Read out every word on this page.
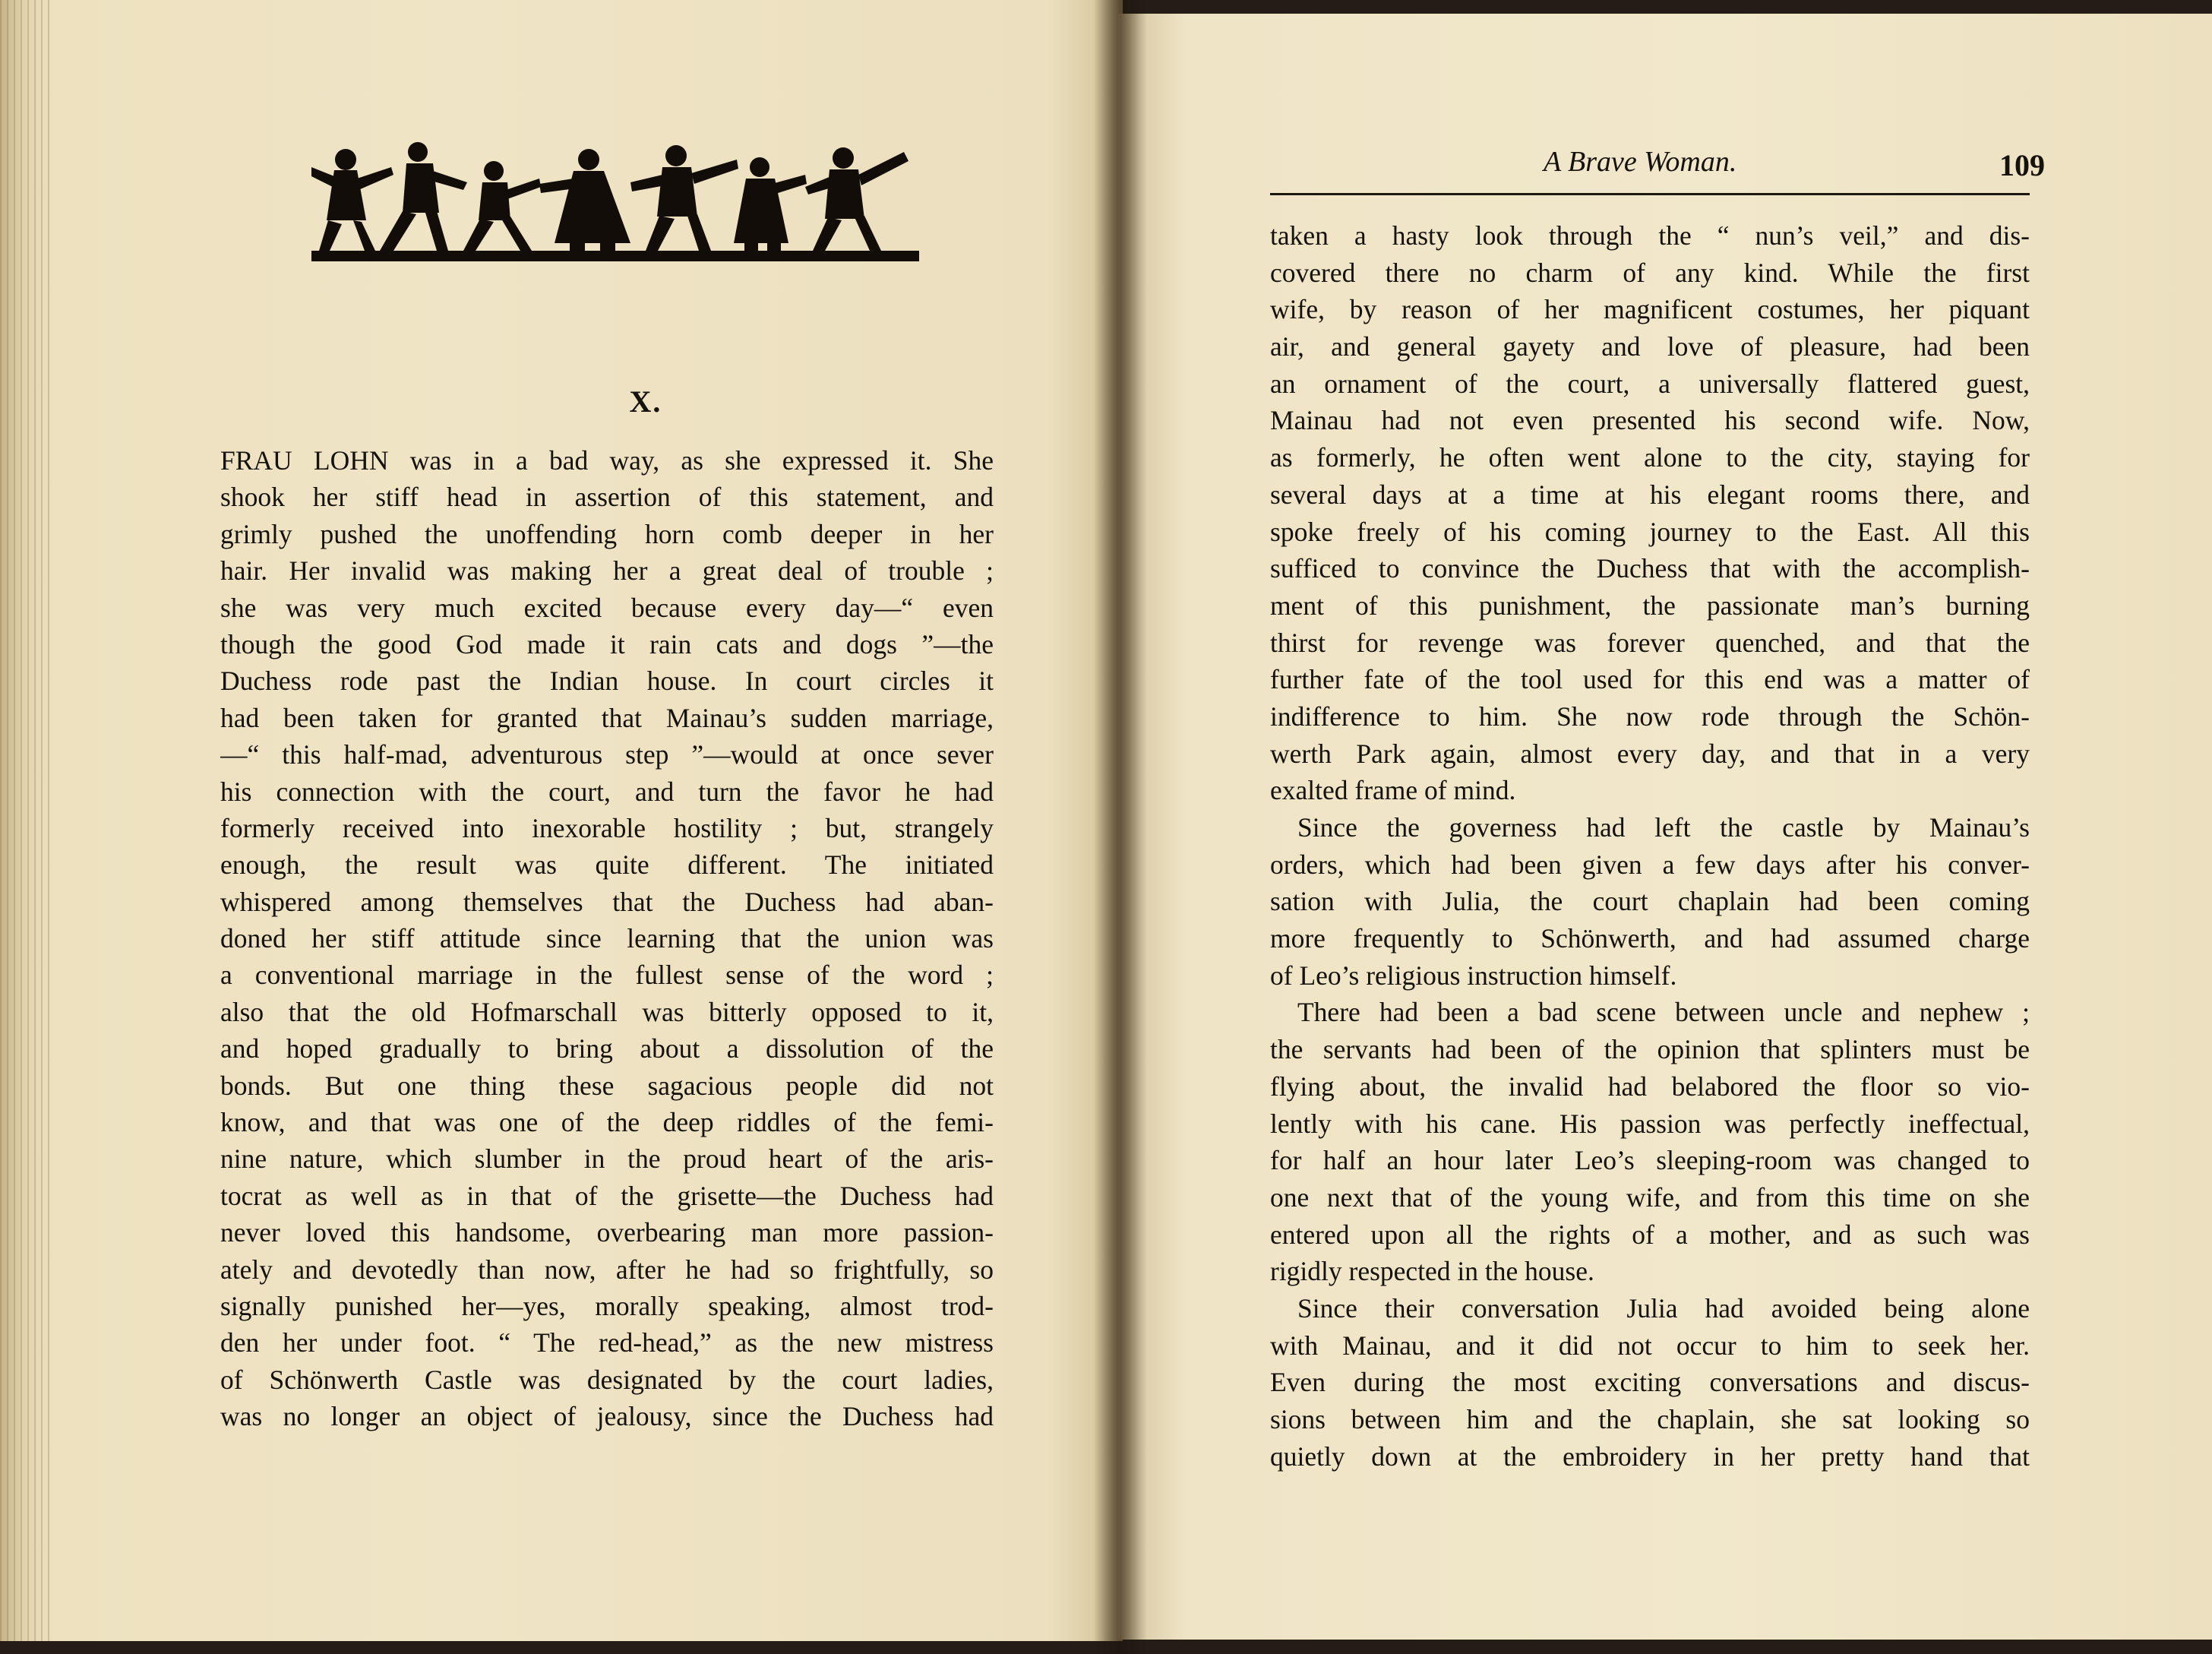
X.
FRAU LOHN was in a bad way, as she expressed it. She
shook her stiff head in assertion of this statement, and
grimly pushed the unoffending horn comb deeper in her
hair. Her invalid was making her a great deal of trouble ;
she was very much excited because every day—“ even
though the good God made it rain cats and dogs ”—the
Duchess rode past the Indian house. In court circles it
had been taken for granted that Mainau’s sudden marriage,
—“ this half-mad, adventurous step ”—would at once sever
his connection with the court, and turn the favor he had
formerly received into inexorable hostility ; but, strangely
enough, the result was quite different. The initiated
whispered among themselves that the Duchess had aban-
doned her stiff attitude since learning that the union was
a conventional marriage in the fullest sense of the word ;
also that the old Hofmarschall was bitterly opposed to it,
and hoped gradually to bring about a dissolution of the
bonds. But one thing these sagacious people did not
know, and that was one of the deep riddles of the femi-
nine nature, which slumber in the proud heart of the aris-
tocrat as well as in that of the grisette—the Duchess had
never loved this handsome, overbearing man more passion-
ately and devotedly than now, after he had so frightfully, so
signally punished her—yes, morally speaking, almost trod-
den her under foot. “ The red-head,” as the new mistress
of Schönwerth Castle was designated by the court ladies,
was no longer an object of jealousy, since the Duchess had
A Brave Woman.	109
taken a hasty look through the “ nun’s veil,” and dis-
covered there no charm of any kind. While the first
wife, by reason of her magnificent costumes, her piquant
air, and general gayety and love of pleasure, had been
an ornament of the court, a universally flattered guest,
Mainau had not even presented his second wife. Now,
as formerly, he often went alone to the city, staying for
several days at a time at his elegant rooms there, and
spoke freely of his coming journey to the East. All this
sufficed to convince the Duchess that with the accomplish-
ment of this punishment, the passionate man’s burning
thirst for revenge was forever quenched, and that the
further fate of the tool used for this end was a matter of
indifference to him. She now rode through the Schön-
werth Park again, almost every day, and that in a very
exalted frame of mind.
Since the governess had left the castle by Mainau’s
orders, which had been given a few days after his conver-
sation with Julia, the court chaplain had been coming
more frequently to Schönwerth, and had assumed charge
of Leo’s religious instruction himself.
There had been a bad scene between uncle and nephew ;
the servants had been of the opinion that splinters must be
flying about, the invalid had belabored the floor so vio-
lently with his cane. His passion was perfectly ineffectual,
for half an hour later Leo’s sleeping-room was changed to
one next that of the young wife, and from this time on she
entered upon all the rights of a mother, and as such was
rigidly respected in the house.
Since their conversation Julia had avoided being alone
with Mainau, and it did not occur to him to seek her.
Even during the most exciting conversations and discus-
sions between him and the chaplain, she sat looking so
quietly down at the embroidery in her pretty hand that
